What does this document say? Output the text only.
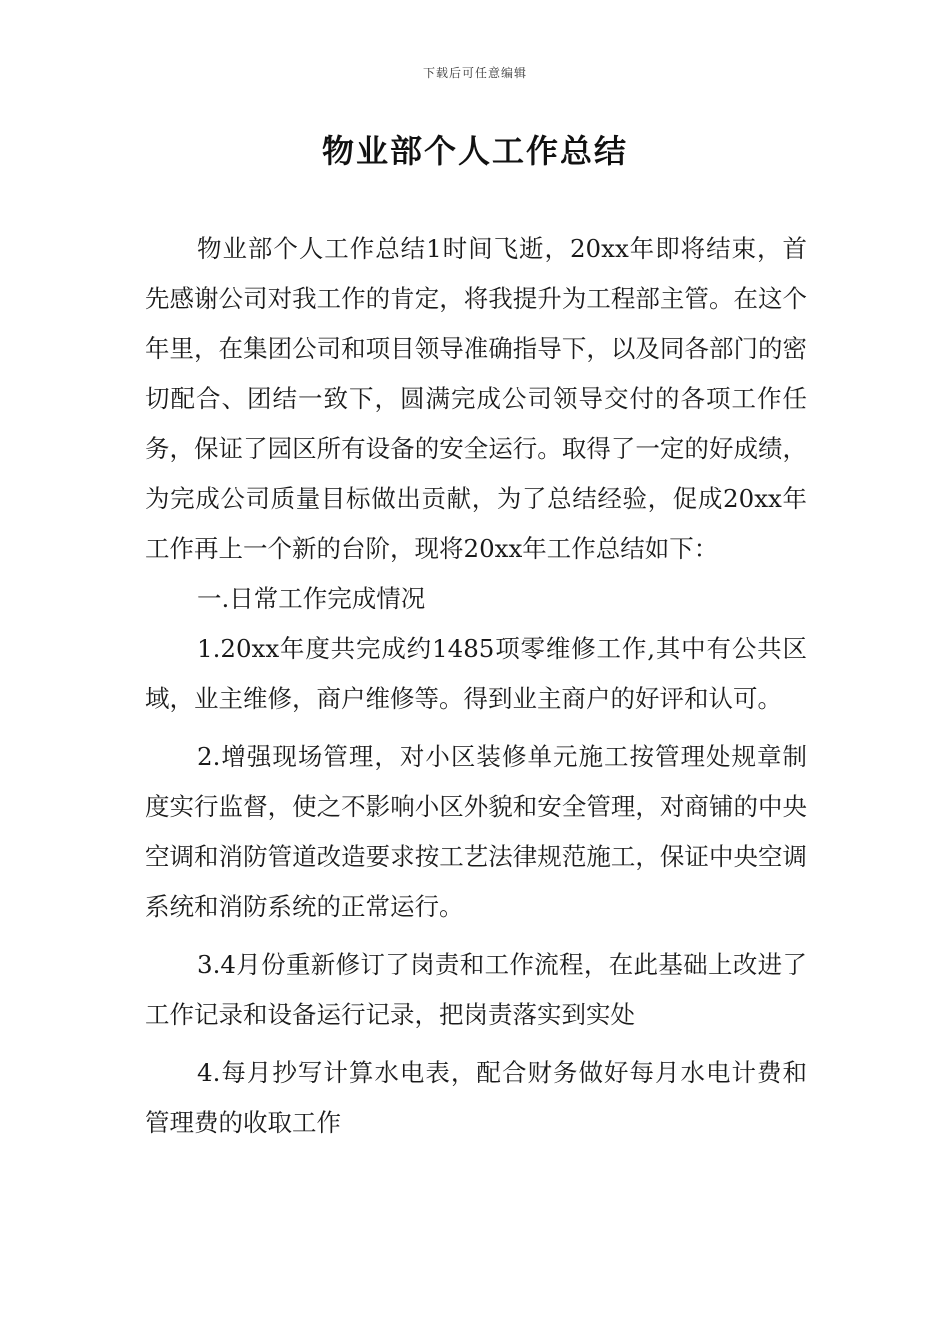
下载后可任意编辑
物业部个人工作总结

物业部个人工作总结1时间飞逝，20xx年即将结束，首先感谢公司对我工作的肯定，将我提升为工程部主管。在这个年里，在集团公司和项目领导准确指导下，以及同各部门的密切配合、团结一致下，圆满完成公司领导交付的各项工作任务，保证了园区所有设备的安全运行。取得了一定的好成绩，为完成公司质量目标做出贡献，为了总结经验，促成20xx年工作再上一个新的台阶，现将20xx年工作总结如下：

一.日常工作完成情况

1.20xx年度共完成约1485项零维修工作,其中有公共区域，业主维修，商户维修等。得到业主商户的好评和认可。

2.增强现场管理，对小区装修单元施工按管理处规章制度实行监督，使之不影响小区外貌和安全管理，对商铺的中央空调和消防管道改造要求按工艺法律规范施工，保证中央空调系统和消防系统的正常运行。

3.4月份重新修订了岗责和工作流程，在此基础上改进了工作记录和设备运行记录，把岗责落实到实处

4.每月抄写计算水电表，配合财务做好每月水电计费和管理费的收取工作
